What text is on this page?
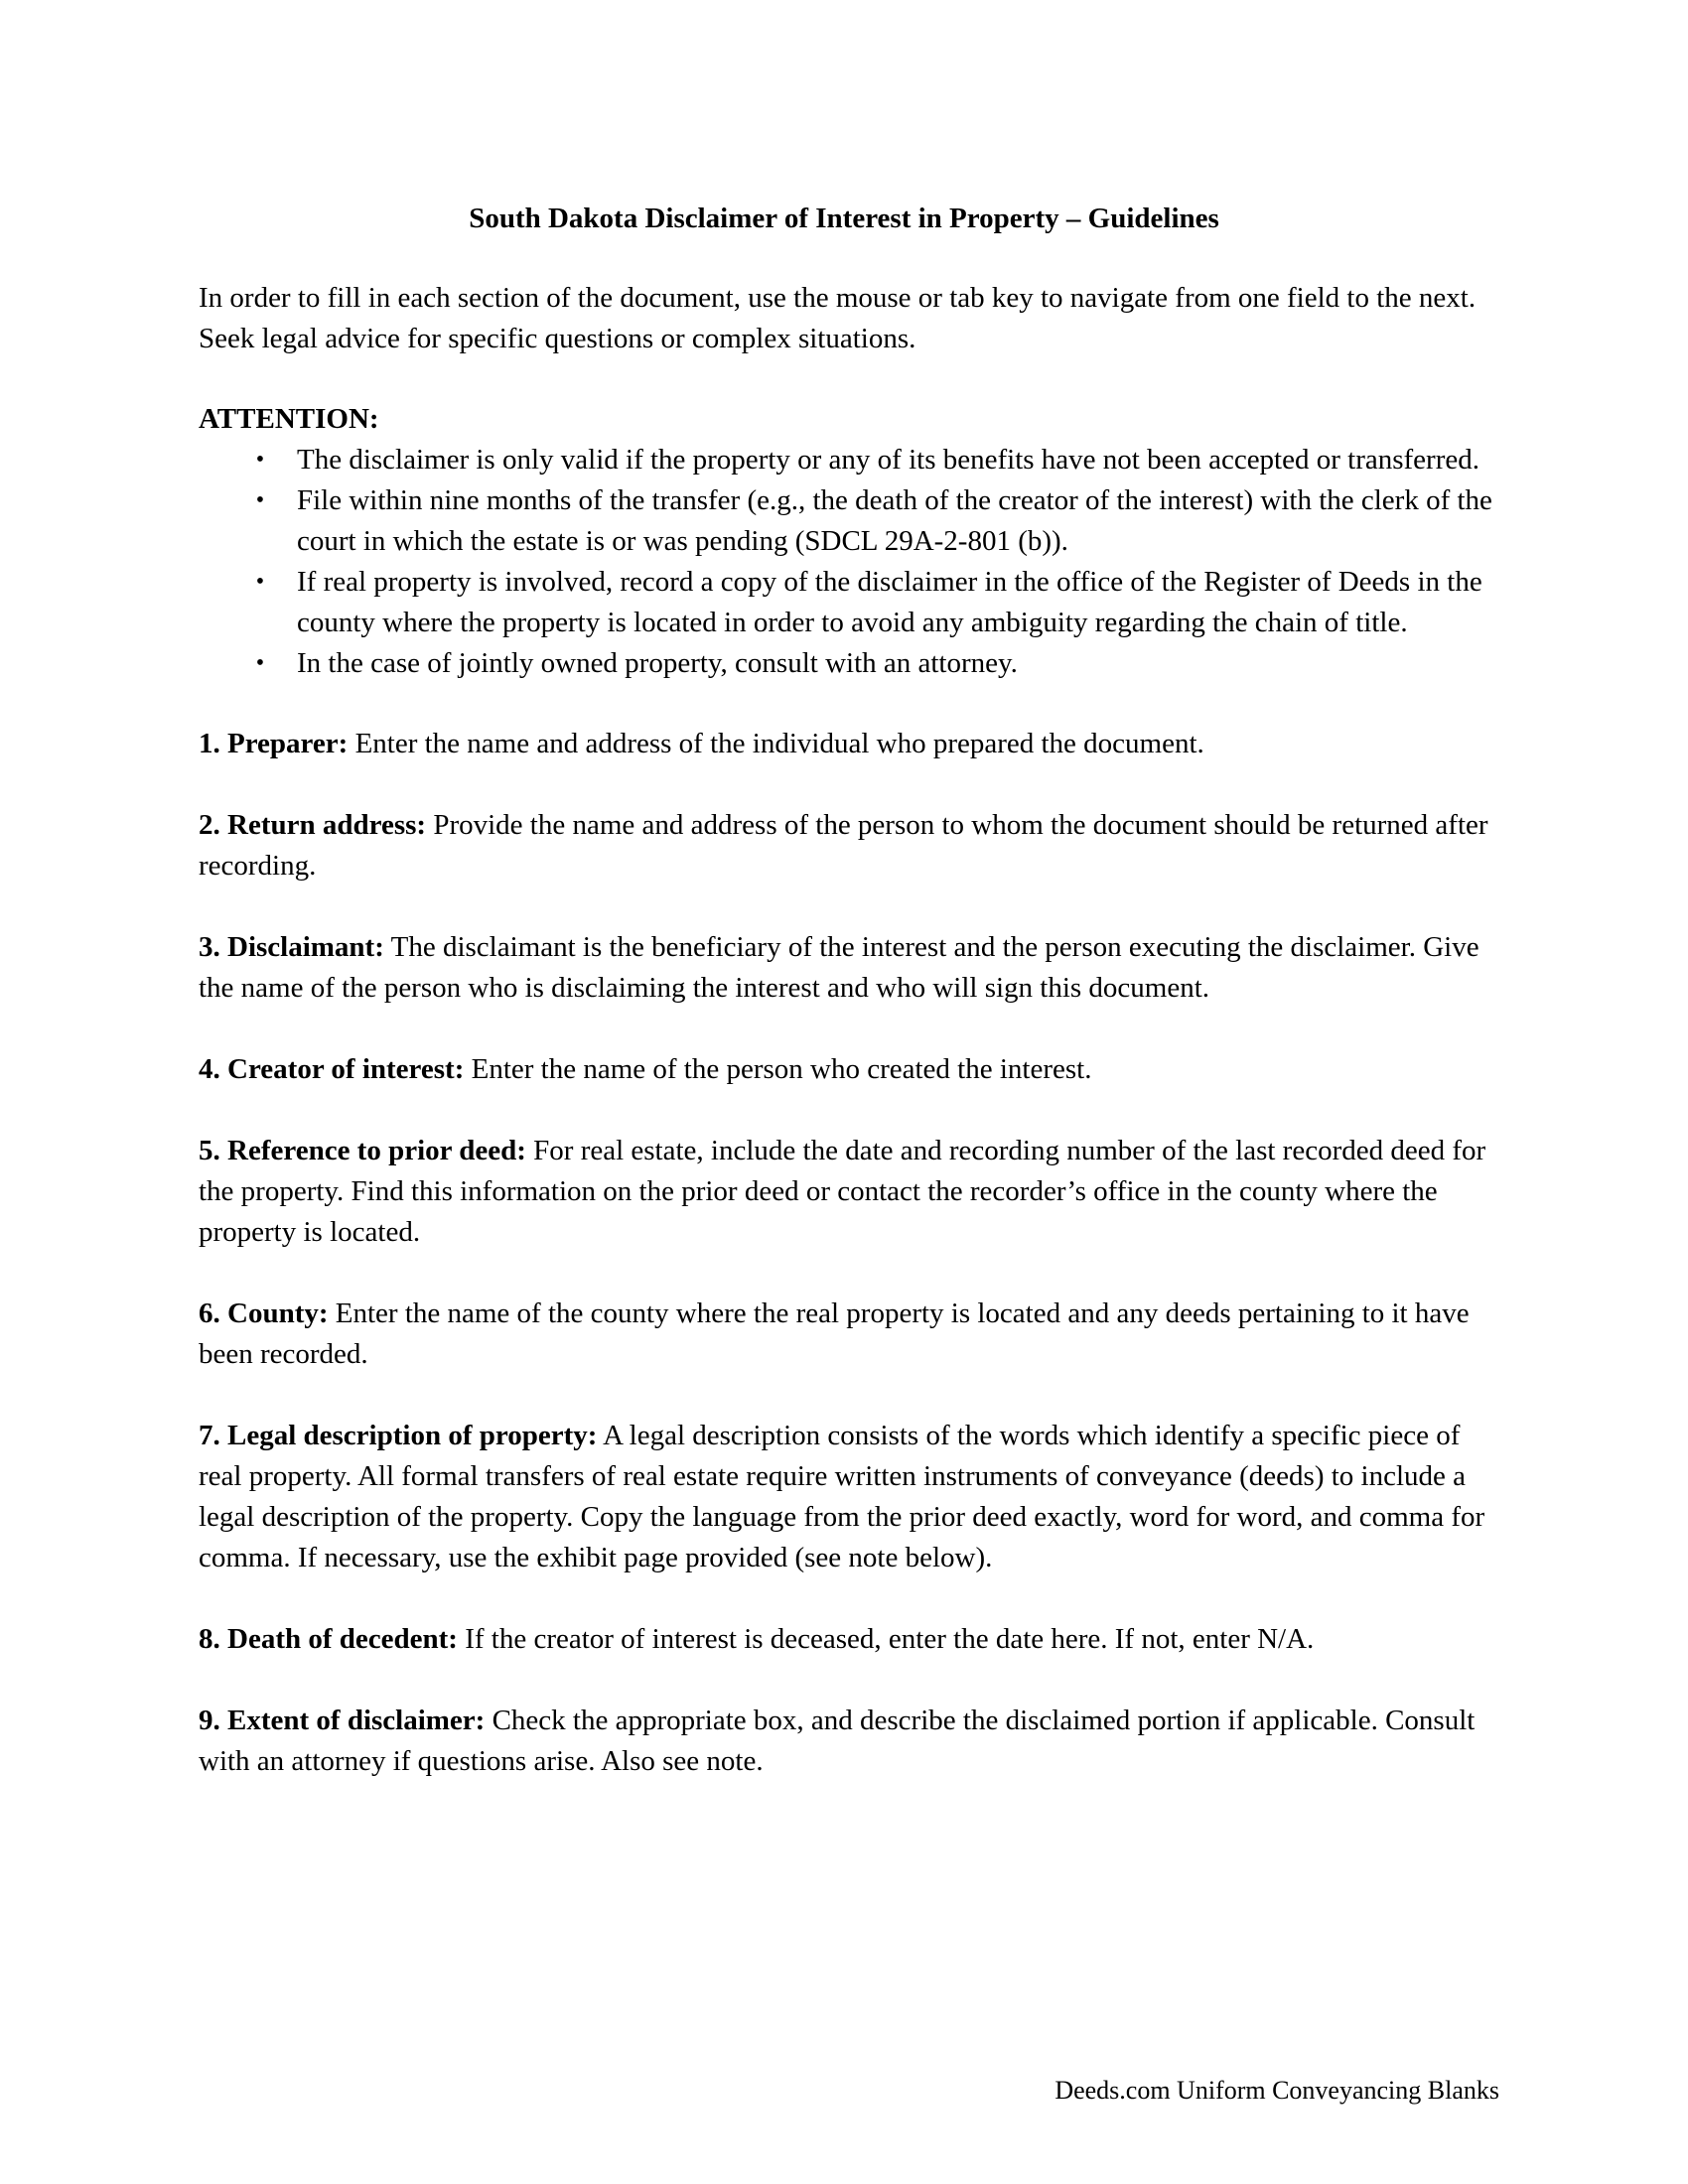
South Dakota Disclaimer of Interest in Property – Guidelines

In order to fill in each section of the document, use the mouse or tab key to navigate from one field to the next. Seek legal advice for specific questions or complex situations.

ATTENTION:

• The disclaimer is only valid if the property or any of its benefits have not been accepted or transferred.
• File within nine months of the transfer (e.g., the death of the creator of the interest) with the clerk of the court in which the estate is or was pending (SDCL 29A-2-801 (b)).
• If real property is involved, record a copy of the disclaimer in the office of the Register of Deeds in the county where the property is located in order to avoid any ambiguity regarding the chain of title.
• In the case of jointly owned property, consult with an attorney.

1. Preparer: Enter the name and address of the individual who prepared the document.

2. Return address: Provide the name and address of the person to whom the document should be returned after recording.

3. Disclaimant: The disclaimant is the beneficiary of the interest and the person executing the disclaimer. Give the name of the person who is disclaiming the interest and who will sign this document.

4. Creator of interest: Enter the name of the person who created the interest.

5. Reference to prior deed: For real estate, include the date and recording number of the last recorded deed for the property. Find this information on the prior deed or contact the recorder’s office in the county where the property is located.

6. County: Enter the name of the county where the real property is located and any deeds pertaining to it have been recorded.

7. Legal description of property: A legal description consists of the words which identify a specific piece of real property. All formal transfers of real estate require written instruments of conveyance (deeds) to include a legal description of the property. Copy the language from the prior deed exactly, word for word, and comma for comma. If necessary, use the exhibit page provided (see note below).

8. Death of decedent: If the creator of interest is deceased, enter the date here. If not, enter N/A.

9. Extent of disclaimer: Check the appropriate box, and describe the disclaimed portion if applicable. Consult with an attorney if questions arise. Also see note.

Deeds.com Uniform Conveyancing Blanks
